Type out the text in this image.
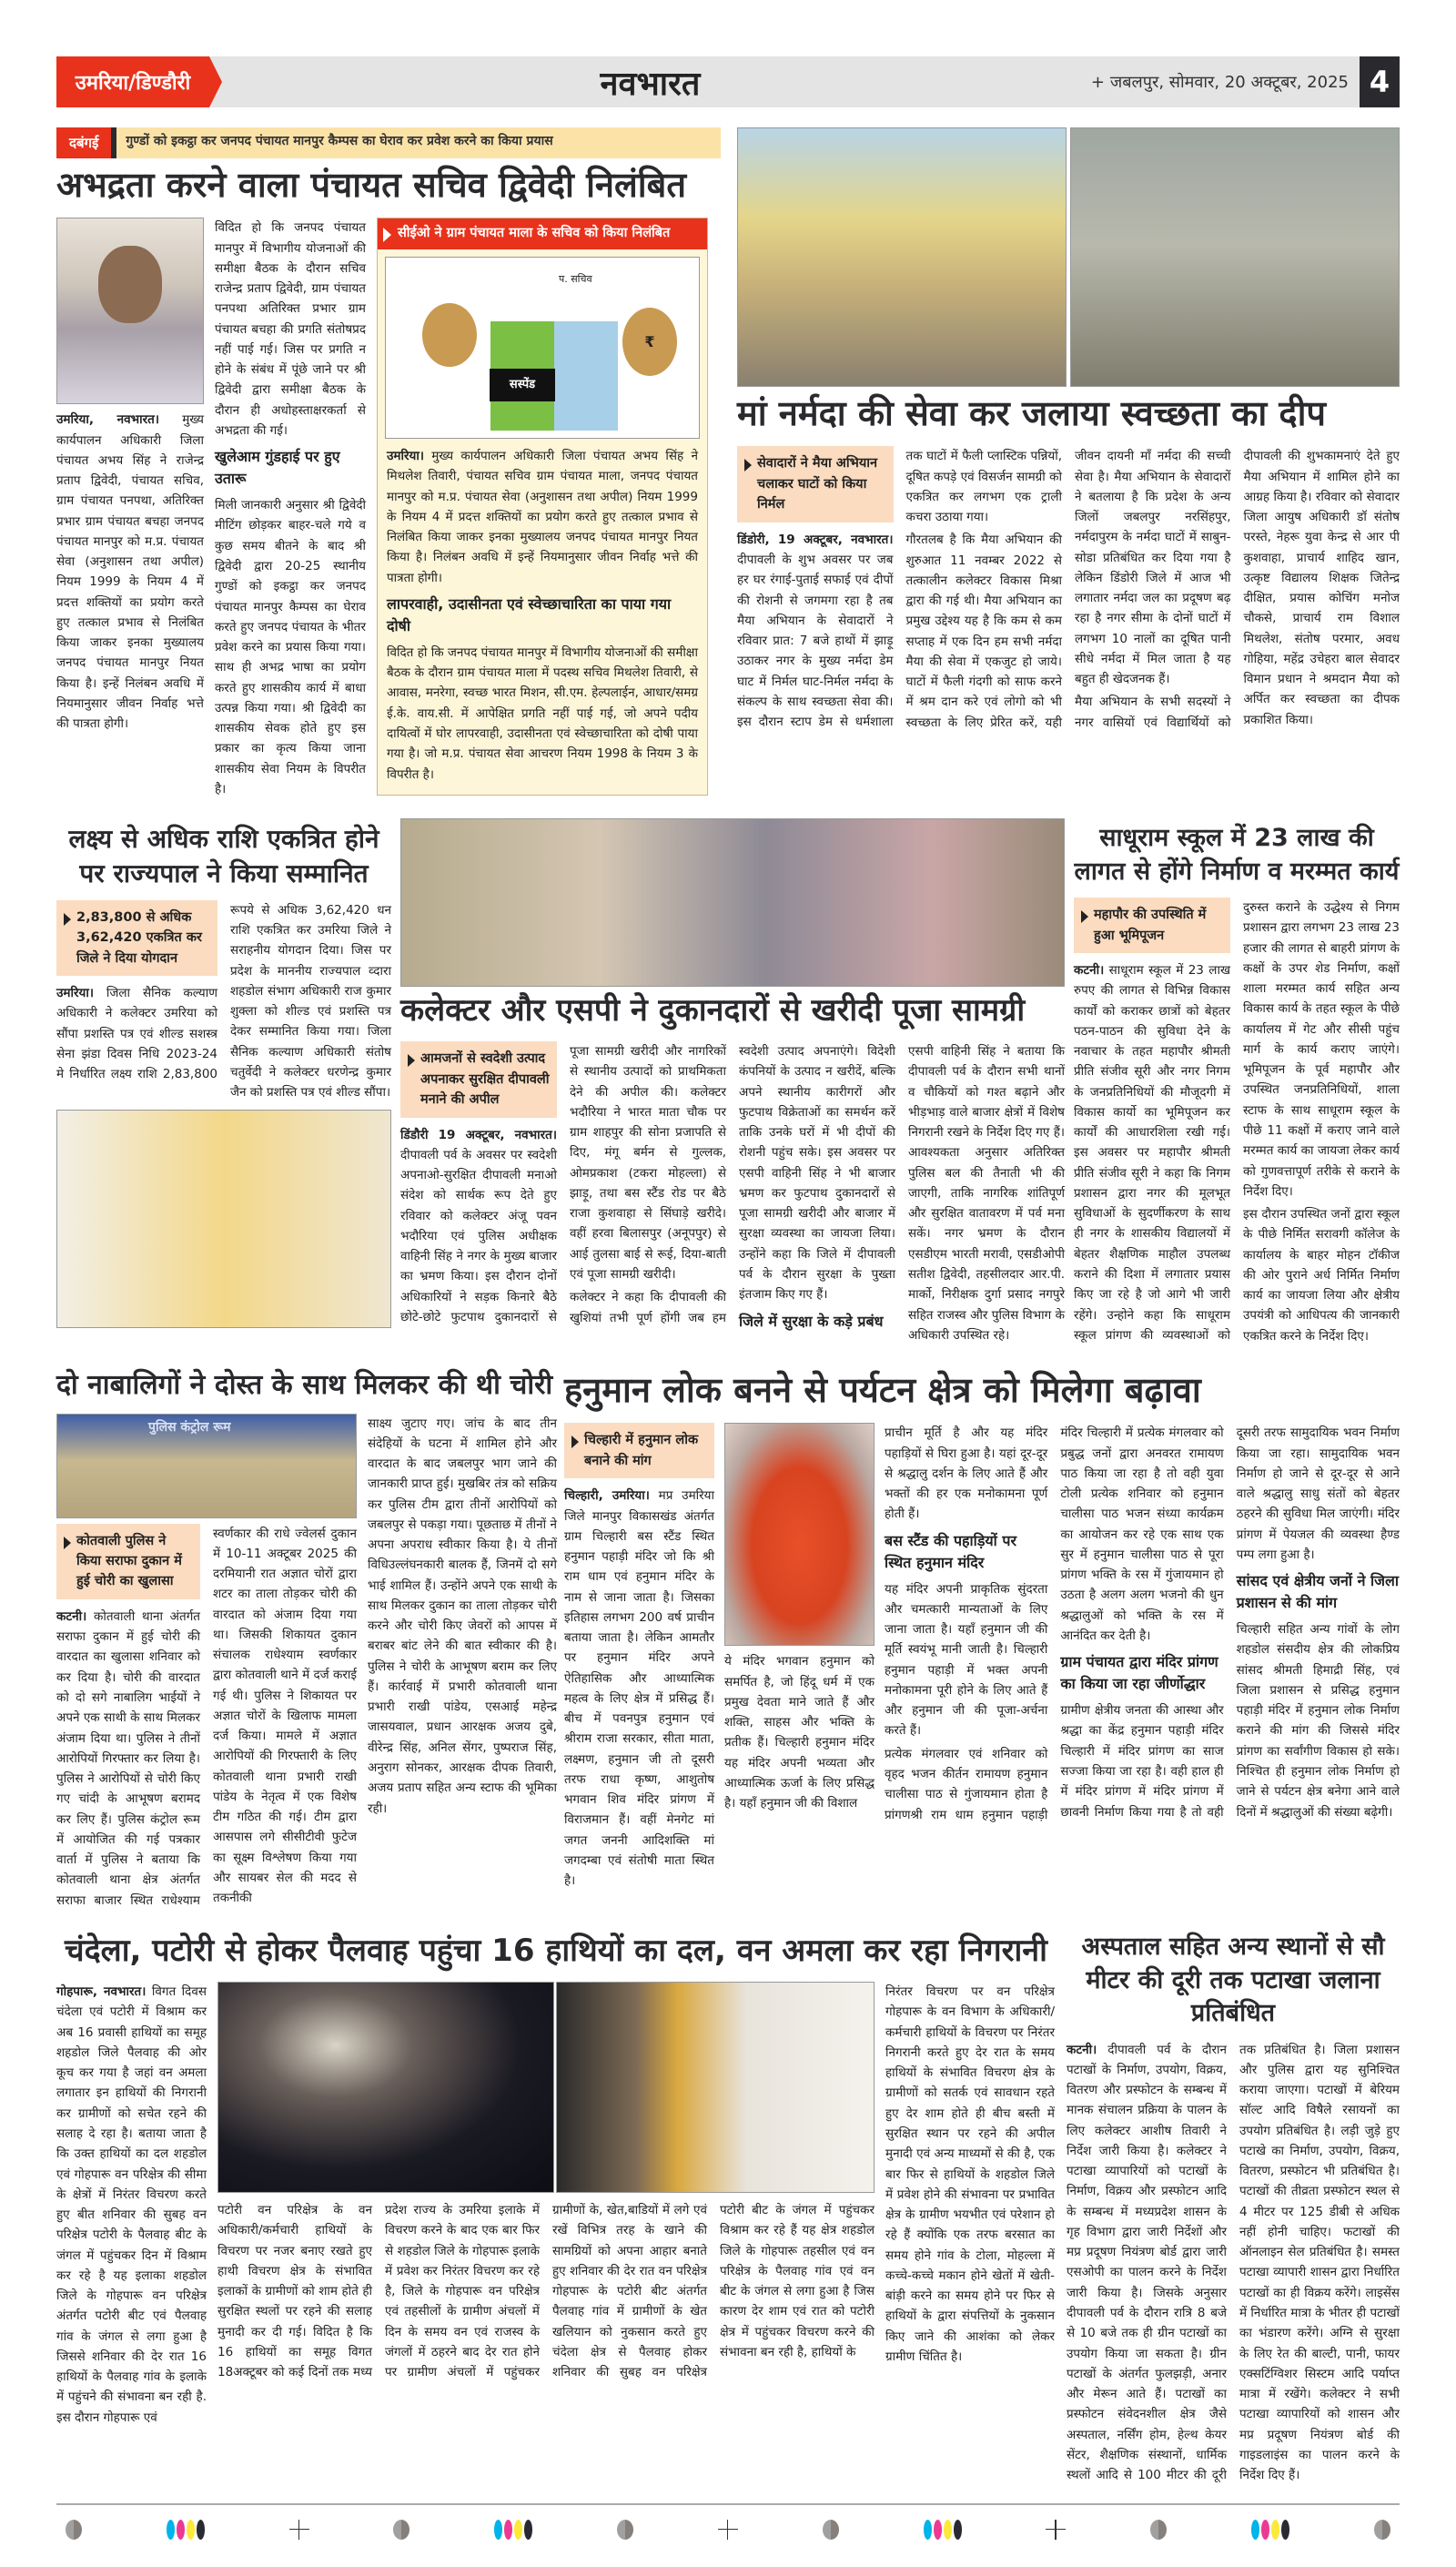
उमरिया/डिण्डौरी	नवभारत	+ जबलपुर, सोमवार, 20 अक्टूबर, 2025 4
दबंगई	गुण्डों को इकट्ठा कर जनपद पंचायत मानपुर कैम्पस का घेराव कर प्रवेश करने का किया प्रयास
अभद्रता करने वाला पंचायत सचिव द्विवेदी निलंबित

उमरिया, नवभारत। मुख्य कार्यपालन अधिकारी जिला पंचायत अभय सिंह ने राजेन्द्र प्रताप द्विवेदी, पंचायत सचिव, ग्राम पंचायत पनपथा, अतिरिक्त प्रभार ग्राम पंचायत बचहा जनपद पंचायत मानपुर को म.प्र. पंचायत सेवा (अनुशासन तथा अपील) नियम 1999 के नियम 4 में प्रदत्त शक्तियों का प्रयोग करते हुए तत्काल प्रभाव से निलंबित किया जाकर इनका मुख्यालय जनपद पंचायत मानपुर नियत किया है। इन्हें निलंबन अवधि में नियमानुसार जीवन निर्वाह भत्ते की पात्रता होगी।

विदित हो कि जनपद पंचायत मानपुर में विभागीय योजनाओं की समीक्षा बैठक के दौरान सचिव राजेन्द्र प्रताप द्विवेदी, ग्राम पंचायत पनपथा अतिरिक्त प्रभार ग्राम पंचायत बचहा की प्रगति संतोषप्रद नहीं पाई गई। जिस पर प्रगति न होने के संबंध में पूंछे जाने पर श्री द्विवेदी द्वारा समीक्षा बैठक के दौरान ही अधोहस्ताक्षरकर्ता से अभद्रता की गई।

खुलेआम गुंडहाई पर हुए उतारू

मिली जानकारी अनुसार श्री द्विवेदी मीटिंग छोड़कर बाहर-चले गये व कुछ समय बीतने के बाद श्री द्विवेदी द्वारा 20-25 स्थानीय गुण्डों को इकट्ठा कर जनपद पंचायत मानपुर कैम्पस का घेराव करते हुए जनपद पंचायत के भीतर प्रवेश करने का प्रयास किया गया। साथ ही अभद्र भाषा का प्रयोग करते हुए शासकीय कार्य में बाधा उत्पन्न किया गया। श्री द्विवेदी का शासकीय सेवक होते हुए इस प्रकार का कृत्य किया जाना शासकीय सेवा नियम के विपरीत है।

सीईओ ने ग्राम पंचायत माला के सचिव को किया निलंबित
₹
सस्पेंड
प. सचिव

उमरिया। मुख्य कार्यपालन अधिकारी जिला पंचायत अभय सिंह ने मिथलेश तिवारी, पंचायत सचिव ग्राम पंचायत माला, जनपद पंचायत मानपुर को म.प्र. पंचायत सेवा (अनुशासन तथा अपील) नियम 1999 के नियम 4 में प्रदत्त शक्तियों का प्रयोग करते हुए तत्काल प्रभाव से निलंबित किया जाकर इनका मुख्यालय जनपद पंचायत मानपुर नियत किया है। निलंबन अवधि में इन्हें नियमानुसार जीवन निर्वाह भत्ते की पात्रता होगी।

लापरवाही, उदासीनता एवं स्वेच्छाचारिता का पाया गया दोषी

विदित हो कि जनपद पंचायत मानपुर में विभागीय योजनाओं की समीक्षा बैठक के दौरान ग्राम पंचायत माला में पदस्थ सचिव मिथलेश तिवारी, से आवास, मनरेगा, स्वच्छ भारत मिशन, सी.एम. हेल्पलाईन, आधार/समग्र ई.के. वाय.सी. में आपेक्षित प्रगति नहीं पाई गई, जो अपने पदीय दायित्वों में घोर लापरवाही, उदासीनता एवं स्वेच्छाचारिता को दोषी पाया गया है। जो म.प्र. पंचायत सेवा आचरण नियम 1998 के नियम 3 के विपरीत है।

मां नर्मदा की सेवा कर जलाया स्वच्छता का दीप
सेवादारों ने मैया अभियान चलाकर घाटों को किया निर्मल

डिंडोरी, 19 अक्टूबर, नवभारत। दीपावली के शुभ अवसर पर जब हर घर रंगाई-पुताई सफाई एवं दीपों की रोशनी से जगमगा रहा है तब मैया अभियान के सेवादारों ने रविवार प्रात: 7 बजे हाथों में झाड़ू उठाकर नगर के मुख्य नर्मदा डेम घाट में निर्मल घाट-निर्मल नर्मदा के संकल्प के साथ स्वच्छता सेवा की। इस दौरान स्टाप डेम से धर्मशाला तक घाटों में फैली प्लास्टिक पन्नियों, दूषित कपड़े एवं विसर्जन सामग्री को एकत्रित कर लगभग एक ट्राली कचरा उठाया गया।

गौरतलब है कि मैया अभियान की शुरुआत 11 नवम्बर 2022 से तत्कालीन कलेक्टर विकास मिश्रा द्वारा की गई थी। मैया अभियान का प्रमुख उद्देश्य यह है कि कम से कम सप्ताह में एक दिन हम सभी नर्मदा मैया की सेवा में एकजुट हो जाये। घाटों में फैली गंदगी को साफ करने में श्रम दान करे एवं लोगो को भी स्वच्छता के लिए प्रेरित करें, यही जीवन दायनी माँ नर्मदा की सच्ची सेवा है। मैया अभियान के सेवादारों ने बतलाया है कि प्रदेश के अन्य जिलों जबलपुर नरसिंहपुर, नर्मदापुरम के नर्मदा घाटों में साबुन-सोडा प्रतिबंधित कर दिया गया है लेकिन डिंडोरी जिले में आज भी लगातार नर्मदा जल का प्रदूषण बढ़ रहा है नगर सीमा के दोनों घाटों में लगभग 10 नालों का दूषित पानी सीधे नर्मदा में मिल जाता है यह बहुत ही खेदजनक हैं।

मैया अभियान के सभी सदस्यों ने नगर वासियों एवं विद्यार्थियों को दीपावली की शुभकामनाएं देते हुए मैया अभियान में शामिल होने का आग्रह किया है। रविवार को सेवादार जिला आयुष अधिकारी डॉ संतोष परस्ते, नेहरू युवा केन्द्र से आर पी कुशवाहा, प्राचार्य शाहिद खान, उत्कृष्ट विद्यालय शिक्षक जितेन्द्र दीक्षित, प्रयास कोचिंग मनोज चौकसे, प्राचार्य राम विशाल मिथलेश, संतोष परमार, अवध गोहिया, महेंद्र उचेहरा बाल सेवादर विमान प्रधान ने श्रमदान मैया को अर्पित कर स्वच्छता का दीपक प्रकाशित किया।

लक्ष्य से अधिक राशि एकत्रित होने पर राज्यपाल ने किया सम्मानित
2,83,800 से अधिक 3,62,420 एकत्रित कर जिले ने दिया योगदान

उमरिया। जिला सैनिक कल्याण अधिकारी ने कलेक्टर उमरिया को सौंपा प्रशस्ति पत्र एवं शील्ड सशस्त्र सेना झंडा दिवस निधि 2023-24 मे निर्धारित लक्ष्य राशि 2,83,800 रूपये से अधिक 3,62,420 धन राशि एकत्रित कर उमरिया जिले ने सराहनीय योगदान दिया। जिस पर प्रदेश के माननीय राज्यपाल व्दारा शहडोल संभाग अधिकारी राज कुमार शुक्ला को शील्ड एवं प्रशस्ति पत्र देकर सम्मानित किया गया। जिला सैनिक कल्याण अधिकारी संतोष चतुर्वेदी ने कलेक्टर धरणेन्द्र कुमार जैन को प्रशस्ति पत्र एवं शील्ड सौंपा।

कलेक्टर और एसपी ने दुकानदारों से खरीदी पूजा सामग्री
आमजनों से स्वदेशी उत्पाद अपनाकर सुरक्षित दीपावली मनाने की अपील

डिंडौरी 19 अक्टूबर, नवभारत। दीपावली पर्व के अवसर पर स्वदेशी अपनाओ-सुरक्षित दीपावली मनाओ संदेश को सार्थक रूप देते हुए रविवार को कलेक्टर अंजू पवन भदौरिया एवं पुलिस अधीक्षक वाहिनी सिंह ने नगर के मुख्य बाजार का भ्रमण किया। इस दौरान दोनों अधिकारियों ने सड़क किनारे बैठे छोटे-छोटे फुटपाथ दुकानदारों से पूजा सामग्री खरीदी और नागरिकों से स्थानीय उत्पादों को प्राथमिकता देने की अपील की। कलेक्टर भदौरिया ने भारत माता चौक पर ग्राम शाहपुर की सोना प्रजापति से दिए, मंगू बर्मन से गुल्लक, ओमप्रकाश (टकरा मोहल्ला) से झाड़ू, तथा बस स्टैंड रोड पर बैठे राजा कुशवाहा से सिंघाड़े खरीदे। वहीं हरवा बिलासपुर (अनूपपुर) से आई तुलसा बाई से रूई, दिया-बाती एवं पूजा सामग्री खरीदी।

कलेक्टर ने कहा कि दीपावली की खुशियां तभी पूर्ण होंगी जब हम स्वदेशी उत्पाद अपनाएंगे। विदेशी कंपनियों के उत्पाद न खरीदें, बल्कि अपने स्थानीय कारीगरों और फुटपाथ विक्रेताओं का समर्थन करें ताकि उनके घरों में भी दीपों की रोशनी पहुंच सके। इस अवसर पर एसपी वाहिनी सिंह ने भी बाजार भ्रमण कर फुटपाथ दुकानदारों से पूजा सामग्री खरीदी और बाजार में सुरक्षा व्यवस्था का जायजा लिया। उन्होंने कहा कि जिले में दीपावली पर्व के दौरान सुरक्षा के पुख्ता इंतजाम किए गए हैं।

जिले में सुरक्षा के कड़े प्रबंध

एसपी वाहिनी सिंह ने बताया कि दीपावली पर्व के दौरान सभी थानों व चौकियों को गश्त बढ़ाने और भीड़भाड़ वाले बाजार क्षेत्रों में विशेष निगरानी रखने के निर्देश दिए गए हैं। आवश्यकता अनुसार अतिरिक्त पुलिस बल की तैनाती भी की जाएगी, ताकि नागरिक शांतिपूर्ण और सुरक्षित वातावरण में पर्व मना सकें। नगर भ्रमण के दौरान एसडीएम भारती मरावी, एसडीओपी सतीश द्विवेदी, तहसीलदार आर.पी. मार्को, निरीक्षक दुर्गा प्रसाद नगपुरे सहित राजस्व और पुलिस विभाग के अधिकारी उपस्थित रहे।

साधूराम स्कूल में 23 लाख की लागत से होंगे निर्माण व मरम्मत कार्य
महापौर की उपस्थिति में हुआ भूमिपूजन

कटनी। साधूराम स्कूल में 23 लाख रुपए की लागत से विभिन्न विकास कार्यों को कराकर छात्रों को बेहतर पठन-पाठन की सुविधा देने के नवाचार के तहत महापौर श्रीमती प्रीति संजीव सूरी और नगर निगम के जनप्रतिनिधियों की मौजूदगी में विकास कार्यो का भूमिपूजन कर कार्यों की आधारशिला रखी गई। इस अवसर पर महापौर श्रीमती प्रीति संजीव सूरी ने कहा कि निगम प्रशासन द्वारा नगर की मूलभूत सुविधाओं के सुदर्णीकरण के साथ ही नगर के शासकीय विद्यालयों में बेहतर शैक्षणिक माहौल उपलब्ध कराने की दिशा में लगातार प्रयास किए जा रहे है जो आगे भी जारी रहेंगे। उन्होने कहा कि साधूराम स्कूल प्रांगण की व्यवस्थाओं को दुरुस्त कराने के उद्धेश्य से निगम प्रशासन द्वारा लगभग 23 लाख 23 हजार की लागत से बाहरी प्रांगण के कक्षों के उपर शेड निर्माण, कक्षों शाला मरम्मत कार्य सहित अन्य विकास कार्य के तहत स्कूल के पीछे कार्यालय में गेट और सीसी पहुंच मार्ग के कार्य कराए जाएंगे। भूमिपूजन के पूर्व महापौर और उपस्थित जनप्रतिनिधियों, शाला स्टाफ के साथ साधूराम स्कूल के पीछे 11 कक्षों में कराए जाने वाले मरम्मत कार्य का जायजा लेकर कार्य को गुणवत्तापूर्ण तरीके से कराने के निर्देश दिए।

इस दौरान उपस्थित जनों द्वारा स्कूल के पीछे निर्मित सरावगी कॉलेज के कार्यालय के बाहर मोहन टॉकीज की ओर पुराने अर्ध निर्मित निर्माण कार्य का जायजा लिया और क्षेत्रीय उपयंत्री को आधिपत्य की जानकारी एकत्रित करने के निर्देश दिए।

दो नाबालिगों ने दोस्त के साथ मिलकर की थी चोरी
पुलिस कंट्रोल रूम
कोतवाली पुलिस ने किया सराफा दुकान में हुई चोरी का खुलासा

कटनी। कोतवाली थाना अंतर्गत सराफा दुकान में हुई चोरी की वारदात का खुलासा शनिवार को कर दिया है। चोरी की वारदात को दो सगे नाबालिग भाईयों ने अपने एक साथी के साथ मिलकर अंजाम दिया था। पुलिस ने तीनों आरोपियों गिरफ्तार कर लिया है। पुलिस ने आरोपियों से चोरी किए गए चांदी के आभूषण बरामद कर लिए हैं। पुलिस कंट्रोल रूम में आयोजित की गई पत्रकार वार्ता में पुलिस ने बताया कि कोतवाली थाना क्षेत्र अंतर्गत सराफा बाजार स्थित राधेश्याम स्वर्णकार की राधे ज्वेलर्स दुकान में 10-11 अक्टूबर 2025 की दरमियानी रात अज्ञात चोरों द्वारा शटर का ताला तोड़कर चोरी की वारदात को अंजाम दिया गया था। जिसकी शिकायत दुकान संचालक राधेश्याम स्वर्णकार द्वारा कोतवाली थाने में दर्ज कराई गई थी। पुलिस ने शिकायत पर अज्ञात चोरों के खिलाफ मामला दर्ज किया। मामले में अज्ञात आरोपियों की गिरफ्तारी के लिए कोतवाली थाना प्रभारी राखी पांडेय के नेतृत्व में एक विशेष टीम गठित की गई। टीम द्वारा आसपास लगे सीसीटीवी फुटेज का सूक्ष्म विश्लेषण किया गया और सायबर सेल की मदद से तकनीकी

साक्ष्य जुटाए गए। जांच के बाद तीन संदेहियों के घटना में शामिल होने और वारदात के बाद जबलपुर भाग जाने की जानकारी प्राप्त हुई। मुखबिर तंत्र को सक्रिय कर पुलिस टीम द्वारा तीनों आरोपियों को जबलपुर से पकड़ा गया। पूछताछ में तीनों ने अपना अपराध स्वीकार किया है। ये तीनों विधिउल्लंघनकारी बालक हैं, जिनमें दो सगे भाई शामिल हैं। उन्होंने अपने एक साथी के साथ मिलकर दुकान का ताला तोड़कर चोरी करने और चोरी किए जेवरों को आपस में बराबर बांट लेने की बात स्वीकार की है। पुलिस ने चोरी के आभूषण बराम कर लिए हैं। कार्रवाई में प्रभारी कोतवाली थाना प्रभारी राखी पांडेय, एसआई महेन्द्र जासयवाल, प्रधान आरक्षक अजय दुबे, वीरेन्द्र सिंह, अनिल सेंगर, पुष्पराज सिंह, अनुराग सोनकर, आरक्षक दीपक तिवारी, अजय प्रताप सहित अन्य स्टाफ की भूमिका रही।

हनुमान लोक बनने से पर्यटन क्षेत्र को मिलेगा बढ़ावा
चिल्हारी में हनुमान लोक बनाने की मांग

चिल्हारी, उमरिया। मप्र उमरिया जिले मानपुर विकासखंड अंतर्गत ग्राम चिल्हारी बस स्टैंड स्थित हनुमान पहाड़ी मंदिर जो कि श्री राम धाम एवं हनुमान मंदिर के नाम से जाना जाता है। जिसका इतिहास लगभग 200 वर्ष प्राचीन बताया जाता है। लेकिन आमतौर पर हनुमान मंदिर अपने ऐतिहासिक और आध्यात्मिक महत्व के लिए क्षेत्र में प्रसिद्ध हैं। बीच में पवनपुत्र हनुमान एवं श्रीराम राजा सरकार, सीता माता, लक्ष्मण, हनुमान जी तो दूसरी तरफ राधा कृष्ण, आशुतोष भगवान शिव मंदिर प्रांगण में विराजमान हैं। वहीं मेनगेट मां जगत जननी आदिशक्ति मां जगदम्बा एवं संतोषी माता स्थित है।

ये मंदिर भगवान हनुमान को समर्पित है, जो हिंदू धर्म में एक प्रमुख देवता माने जाते हैं और शक्ति, साहस और भक्ति के प्रतीक हैं। चिल्हारी हनुमान मंदिर यह मंदिर अपनी भव्यता और आध्यात्मिक ऊर्जा के लिए प्रसिद्ध है। यहाँ हनुमान जी की विशाल

प्राचीन मूर्ति है और यह मंदिर पहाड़ियों से घिरा हुआ है। यहां दूर-दूर से श्रद्धालु दर्शन के लिए आते हैं और भक्तों की हर एक मनोकामना पूर्ण होती हैं।

बस स्टैंड की पहाड़ियों पर स्थित हनुमान मंदिर

यह मंदिर अपनी प्राकृतिक सुंदरता और चमत्कारी मान्यताओं के लिए जाना जाता है। यहाँ हनुमान जी की मूर्ति स्वयंभू मानी जाती है। चिल्हारी हनुमान पहाड़ी में भक्त अपनी मनोकामना पूरी होने के लिए आते हैं और हनुमान जी की पूजा-अर्चना करते हैं।

प्रत्येक मंगलवार एवं शनिवार को वृहद भजन कीर्तन रामायण हनुमान चालीसा पाठ से गुंजायमान होता है प्रांगणश्री राम धाम हनुमान पहाड़ी मंदिर चिल्हारी में प्रत्येक मंगलवार को प्रबुद्ध जनों द्वारा अनवरत रामायण पाठ किया जा रहा है तो वही युवा टोली प्रत्येक शनिवार को हनुमान चालीसा पाठ भजन संध्या कार्यक्रम का आयोजन कर रहे एक साथ एक सुर में हनुमान चालीसा पाठ से पूरा प्रांगण भक्ति के रस में गुंजायमान हो उठता है अलग अलग भजनो की धुन श्रद्धालुओं को भक्ति के रस में आनंदित कर देती है।

ग्राम पंचायत द्वारा मंदिर प्रांगण का किया जा रहा जीर्णोद्धार

ग्रामीण क्षेत्रीय जनता की आस्था और श्रद्धा का केंद्र हनुमान पहाड़ी मंदिर चिल्हारी में मंदिर प्रांगण का साज सज्जा किया जा रहा है। वही हाल ही में मंदिर प्रांगण में मंदिर प्रांगण में छावनी निर्माण किया गया है तो वही दूसरी तरफ सामुदायिक भवन निर्माण किया जा रहा। सामुदायिक भवन निर्माण हो जाने से दूर-दूर से आने वाले श्रद्धालु साधु संतों को बेहतर ठहरने की सुविधा मिल जाएंगी। मंदिर प्रांगण में पेयजल की व्यवस्था हैण्ड पम्प लगा हुआ है।

सांसद एवं क्षेत्रीय जनों ने जिला प्रशासन से की मांग

चिल्हारी सहित अन्य गांवों के लोग शहडोल संसदीय क्षेत्र की लोकप्रिय सांसद श्रीमती हिमाद्री सिंह, एवं जिला प्रशासन से प्रसिद्ध हनुमान पहाड़ी मंदिर में हनुमान लोक निर्माण कराने की मांग की जिससे मंदिर प्रांगण का सर्वांगीण विकास हो सके। निश्चित ही हनुमान लोक निर्माण हो जाने से पर्यटन क्षेत्र बनेगा आने वाले दिनों में श्रद्धालुओं की संख्या बढ़ेगी।

चंदेला, पटोरी से होकर पैलवाह पहुंचा 16 हाथियों का दल, वन अमला कर रहा निगरानी

गोहपारू, नवभारत। विगत दिवस चंदेला एवं पटोरी में विश्राम कर अब 16 प्रवासी हाथियों का समूह शहडोल जिले पैलवाह की ओर कूच कर गया है जहां वन अमला लगातार इन हाथियों की निगरानी कर ग्रामीणों को सचेत रहने की सलाह दे रहा है। बताया जाता है कि उक्त हाथियों का दल शहडोल एवं गोहपारू वन परिक्षेत्र की सीमा के क्षेत्रों में निरंतर विचरण करते हुए बीत शनिवार की सुबह वन परिक्षेत्र पटोरी के पैलवाह बीट के जंगल में पहुंचकर दिन में विश्राम कर रहे है यह इलाका शहडोल जिले के गोहपारू वन परिक्षेत्र अंतर्गत पटोरी बीट एवं पैलवाह गांव के जंगल से लगा हुआ है जिससे शनिवार की देर रात 16 हाथियों के पैलवाह गांव के इलाके में पहुंचने की संभावना बन रही है. इस दौरान गोहपारू एवं

पटोरी वन परिक्षेत्र के वन अधिकारी/कर्मचारी हाथियों के विचरण पर नजर बनाए रखते हुए हाथी विचरण क्षेत्र के संभावित इलाकों के ग्रामीणों को शाम होते ही सुरक्षित स्थलों पर रहने की सलाह मुनादी कर दी गई। विदित है कि 16 हाथियों का समूह विगत 18अक्टूबर को कई दिनों तक मध्य प्रदेश राज्य के उमरिया इलाके में विचरण करने के बाद एक बार फिर से शहडोल जिले के गोहपारू इलाके में प्रवेश कर निरंतर विचरण कर रहे है, जिले के गोहपारू वन परिक्षेत्र एवं तहसीलों के ग्रामीण अंचलों में दिन के समय वन एवं राजस्व के जंगलों में ठहरने बाद देर रात होने पर ग्रामीण अंचलों में पहुंचकर ग्रामीणों के, खेत,बाडियों में लगे एवं रखें विभित्र तरह के खाने की सामग्रियों को अपना आहार बनाते हुए शनिवार की देर रात वन परिक्षेत्र गोहपारू के पटोरी बीट अंतर्गत पैलवाह गांव में ग्रामीणों के खेत खलियान को नुकसान करते हुए चंदेला क्षेत्र से पैलवाह होकर शनिवार की सुबह वन परिक्षेत्र पटोरी बीट के जंगल में पहुंचकर विश्राम कर रहे हैं यह क्षेत्र शहडोल जिले के गोहपारू तहसील एवं वन परिक्षेत्र के पैलवाह गांव एवं वन बीट के जंगल से लगा हुआ है जिस कारण देर शाम एवं रात को पटोरी क्षेत्र में पहुंचकर विचरण करने की संभावना बन रही है, हाथियों के

निरंतर विचरण पर वन परिक्षेत्र गोहपारू के वन विभाग के अधिकारी/कर्मचारी हाथियों के विचरण पर निरंतर निगरानी करते हुए देर रात के समय हाथियों के संभावित विचरण क्षेत्र के ग्रामीणों को सतर्क एवं सावधान रहते हुए देर शाम होते ही बीच बस्ती में सुरक्षित स्थान पर रहने की अपील मुनादी एवं अन्य माध्यमों से की है, एक बार फिर से हाथियों के शहडोल जिले में प्रवेश होने की संभावना पर प्रभावित क्षेत्र के ग्रामीण भयभीत एवं परेशान हो रहे हैं क्योंकि एक तरफ बरसात का समय होने गांव के टोला, मोहल्ला में कच्चे-कच्चे मकान होने खेतों में खेती-बांड़ी करने का समय होने पर फिर से हाथियों के द्वारा संपत्तियों के नुकसान किए जाने की आशंका को लेकर ग्रामीण चिंतित है।

अस्पताल सहित अन्य स्थानों से सौ मीटर की दूरी तक पटाखा जलाना प्रतिबंधित

कटनी। दीपावली पर्व के दौरान पटाखों के निर्माण, उपयोग, विक्रय, वितरण और प्रस्फोटन के सम्बन्ध में मानक संचालन प्रक्रिया के पालन के लिए कलेक्टर आशीष तिवारी ने निर्देश जारी किया है। कलेक्टर ने पटाखा व्यापारियों को पटाखों के निर्माण, विक्रय और प्रस्फोटन आदि के सम्बन्ध में मध्यप्रदेश शासन के गृह विभाग द्वारा जारी निर्देशों और मप्र प्रदूषण नियंत्रण बोर्ड द्वारा जारी एसओपी का पालन करने के निर्देश जारी किया है। जिसके अनुसार दीपावली पर्व के दौरान रात्रि 8 बजे से 10 बजे तक ही ग्रीन पटाखों का उपयोग किया जा सकता है। ग्रीन पटाखों के अंतर्गत फुलझड़ी, अनार और मेरून आते हैं। पटाखों का प्रस्फोटन संवेदनशील क्षेत्र जैसे अस्पताल, नर्सिंग होम, हेल्थ केयर सेंटर, शैक्षणिक संस्थानों, धार्मिक स्थलों आदि से 100 मीटर की दूरी तक प्रतिबंधित है। जिला प्रशासन और पुलिस द्वारा यह सुनिश्चित कराया जाएगा। पटाखों में बेरियम सॉल्ट आदि विषैले रसायनों का उपयोग प्रतिबंधित है। लड़ी जुड़े हुए पटाखे का निर्माण, उपयोग, विक्रय, वितरण, प्रस्फोटन भी प्रतिबंधित है। पटाखों की तीव्रता प्रस्फोटन स्थल से 4 मीटर पर 125 डीबी से अधिक नहीं होनी चाहिए। फटाखों की ऑनलाइन सेल प्रतिबंधित है। समस्त पटाखा व्यापारी शासन द्वारा निर्धारित पटाखों का ही विक्रय करेंगे। लाइसेंस में निर्धारित मात्रा के भीतर ही पटाखों का भंडारण करेंगे। अग्नि से सुरक्षा के लिए रेत की बाल्टी, पानी, फायर एक्सटिंग्विशर सिस्टम आदि पर्याप्त मात्रा में रखेंगे। कलेक्टर ने सभी पटाखा व्यापारियों को शासन और मप्र प्रदूषण नियंत्रण बोर्ड की गाइडलाइंस का पालन करने के निर्देश दिए हैं।
